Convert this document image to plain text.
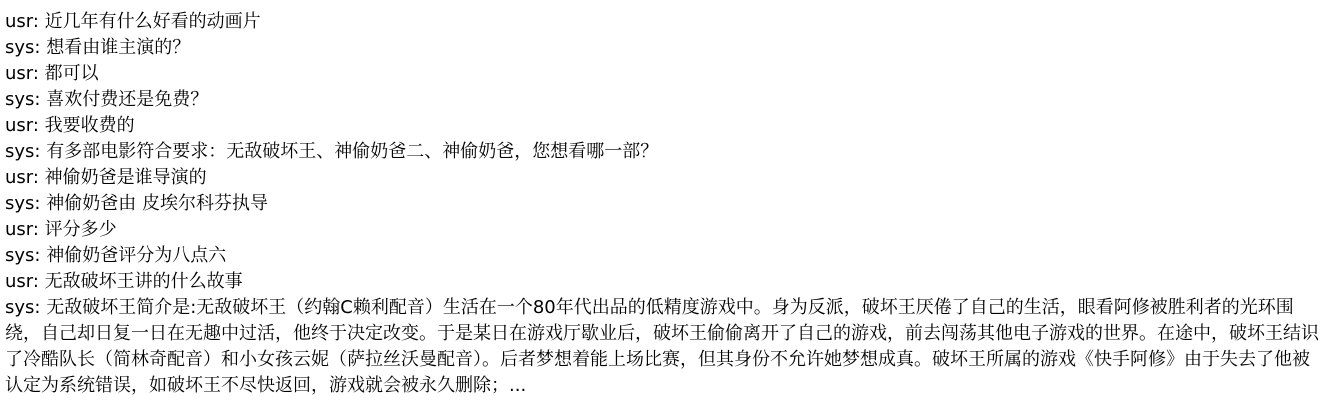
usr: 近几年有什么好看的动画片

sys: 想看由谁主演的？

usr: 都可以

sys: 喜欢付费还是免费？

usr: 我要收费的

sys: 有多部电影符合要求：无敌破坏王、神偷奶爸二、神偷奶爸，您想看哪一部？

usr: 神偷奶爸是谁导演的

sys: 神偷奶爸由 皮埃尔科芬执导

usr: 评分多少

sys: 神偷奶爸评分为八点六

usr: 无敌破坏王讲的什么故事

sys: 无敌破坏王简介是:无敌破坏王（约翰C赖利配音）生活在一个80年代出品的低精度游戏中。身为反派，破坏王厌倦了自己的生活，眼看阿修被胜利者的光环围绕，自己却日复一日在无趣中过活，他终于决定改变。于是某日在游戏厅歇业后，破坏王偷偷离开了自己的游戏，前去闯荡其他电子游戏的世界。在途中，破坏王结识了冷酷队长（简林奇配音）和小女孩云妮（萨拉丝沃曼配音）。后者梦想着能上场比赛，但其身份不允许她梦想成真。破坏王所属的游戏《快手阿修》由于失去了他被认定为系统错误，如破坏王不尽快返回，游戏就会被永久删除；...
